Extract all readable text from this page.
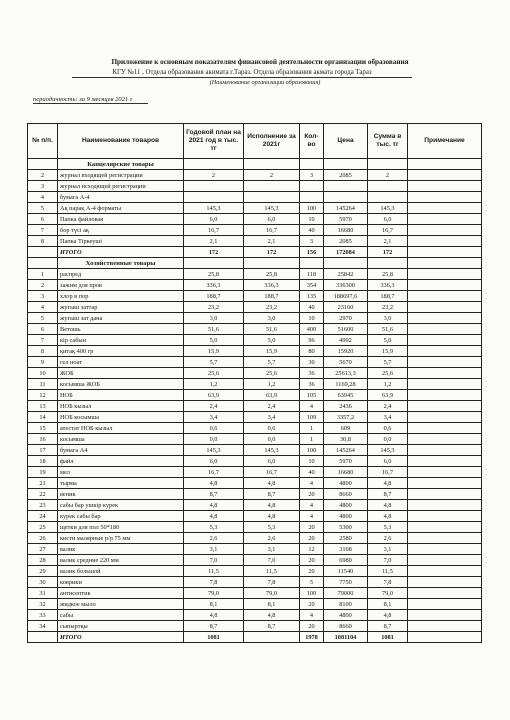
Приложение к основным показателям финансовой деятельности организации образования
КГУ №11 , Отдела образования акимата г.Тараз. Отдела образования акмата города Тараз
(Наименование организации образования)
периодичность: за 9 месяцев 2021 г
№ п/п.	Наименование товаров	Годовой план на 2021 год в тыс. тг	Исполнение за 2021г	Кол-во	Цена	Сумма в тыс. тг	Примечание
	Канцелярские товары						
2	журнал входящей регистрации	2	2	3	2085	2	
3	журнал исходящей регистрации						
4	бумага А-4						
5	Ақ парақ А-4 форматы	145,3	145,3	100	145264	145,3	
6	Папка файловая	6,0	6,0	10	5970	6,0	
7	бор түсі ақ	16,7	16,7	40	16680	16,7	
8	Папка Тіркеуші	2,1	2,1	3	2085	2,1	
	ИТОГО	172	172	156	172084	172	
	Хозяйственные товары						
1	распред	25,8	25,8	118	25842	25,8	
2	зажим для пров	336,3	336,3	354	336300	336,3	
3	хлор в пор	188,7	188,7	135	188697,6	188,7	
4	жуғыш заттар	23,2	23,2	40	23160	23,2	
5	жуғыш зат дана	3,0	3,0	10	2970	3,0	
6	Ветошь	51,6	51,6	400	51600	51,6	
7	кір сабын	5,0	5,0	96	4992	5,0	
8	қитақ 400 гр	15,9	15,9	80	15920	15,9	
9	гел ноат	5,7	5,7	30	5670	5,7	
10	ЖОБ	25,6	25,6	36	25613,3	25,6	
11	косымша ЖОБ	1,2	1,2	36	1169,28	1,2	
12	НОБ	63,9	63,9	105	63945	63,9	
13	НОБ кызыл	2,4	2,4	4	2436	2,4	
14	НОБ косымша	3,4	3,4	109	3357,2	3,4	
15	атестат НОБ кызыл	0,6	0,6	1	609	0,6	
16	косымша	0,0	0,0	1	30,8	0,0	
17	бумага А4	145,3	145,3	100	145264	145,3	
18	файл	6,0	6,0	10	5970	6,0	
19	мел	16,7	16,7	40	16680	16,7	
21	тырма	4,8	4,8	4	4800	4,8	
22	веник	8,7	8,7	20	8660	8,7	
23	сабы бар ушкір курек	4,8	4,8	4	4800	4,8	
24	курек сабы бар	4,8	4,8	4	4800	4,8	
25	щетки для пол 50*180	5,3	5,3	20	5300	5,3	
26	кисти малярные р/р 75 мм	2,6	2,6	20	2580	2,6	
27	валик	3,1	3,1	12	3108	3,1	
28	валик средние 220 мм	7,0	7,0	20	6980	7,0	
29	валик большой	11,5	11,5	20	11540	11,5	
30	коврики	7,8	7,8	5	7750	7,8	
31	антисептик	79,0	79,0	100	79000	79,0	
32	жидкое мыло	8,1	8,1	20	8100	8,1	
33	сабы	4,8	4,8	4	4800	4,8	
34	сыпыртқы	8,7	8,7	20	8660	8,7	
	ИТОГО	1081		1978	1081104	1081	
